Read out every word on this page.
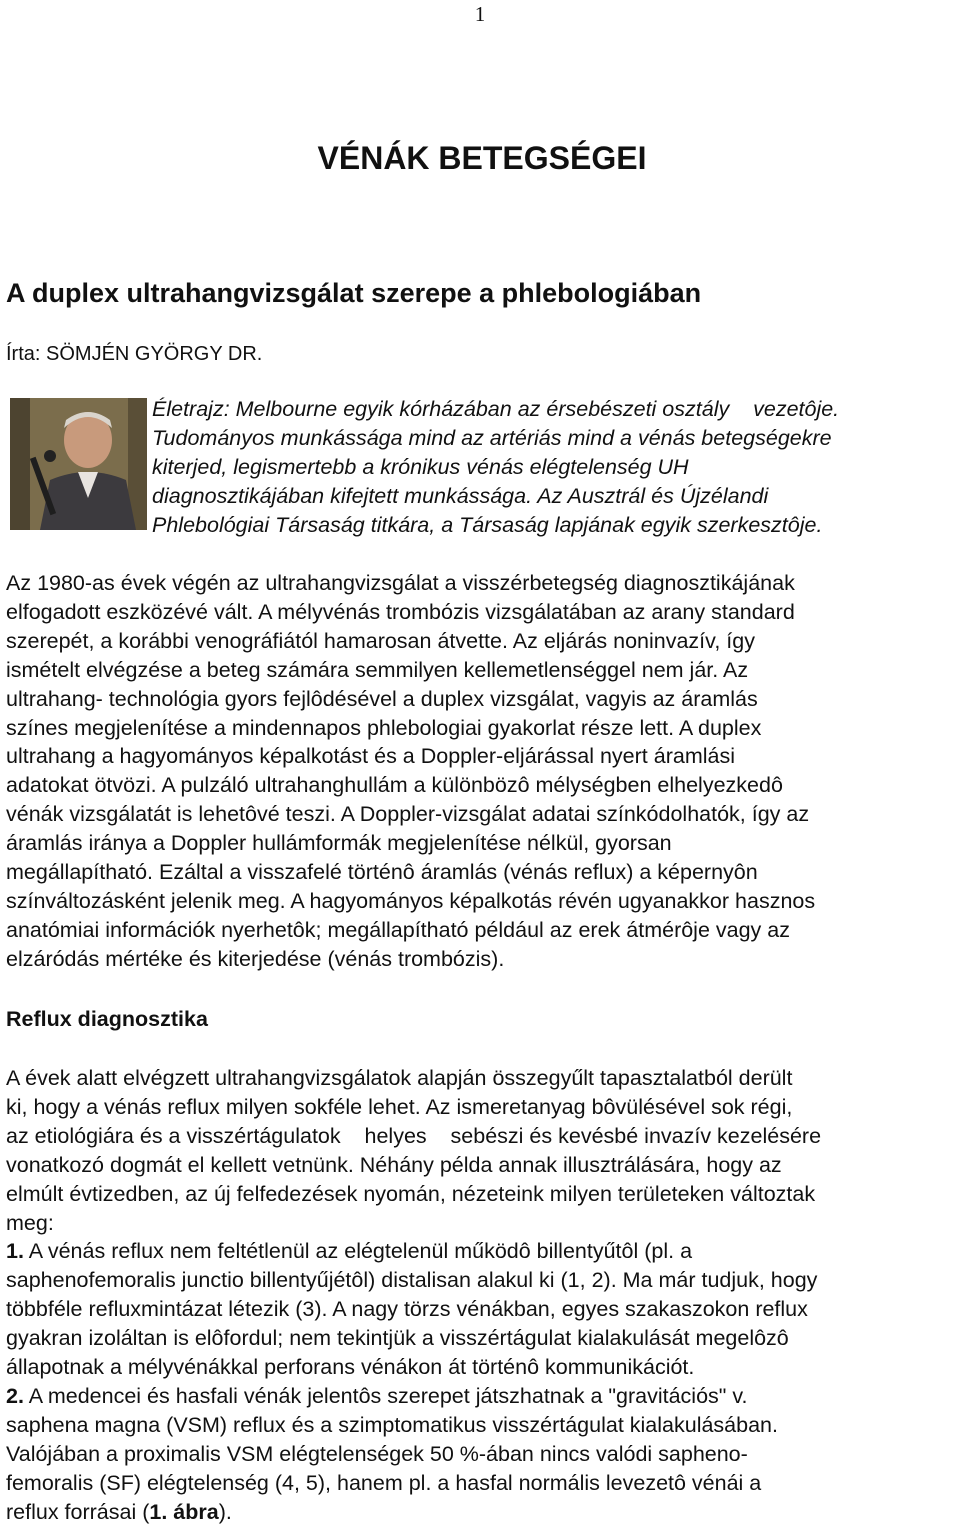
1
VÉNÁK BETEGSÉGEI
A duplex ultrahangvizsgálat szerepe a phlebologiában
Írta: SÖMJÉN GYÖRGY DR.
Életrajz: Melbourne egyik kórházában az érsebészeti osztály    vezetôje.
Tudományos munkássága mind az artériás mind a vénás betegségekre
kiterjed, legismertebb a krónikus vénás elégtelenség UH
diagnosztikájában kifejtett munkássága. Az Ausztrál és Újzélandi
Phlebológiai Társaság titkára, a Társaság lapjának egyik szerkesztôje.
Az 1980-as évek végén az ultrahangvizsgálat a visszérbetegség diagnosztikájának
elfogadott eszközévé vált. A mélyvénás trombózis vizsgálatában az arany standard
szerepét, a korábbi venográfiától hamarosan átvette. Az eljárás noninvazív, így
ismételt elvégzése a beteg számára semmilyen kellemetlenséggel nem jár. Az
ultrahang- technológia gyors fejlôdésével a duplex vizsgálat, vagyis az áramlás
színes megjelenítése a mindennapos phlebologiai gyakorlat része lett. A duplex
ultrahang a hagyományos képalkotást és a Doppler-eljárással nyert áramlási
adatokat ötvözi. A pulzáló ultrahanghullám a különbözô mélységben elhelyezkedô
vénák vizsgálatát is lehetôvé teszi. A Doppler-vizsgálat adatai színkódolhatók, így az
áramlás iránya a Doppler hullámformák megjelenítése nélkül, gyorsan
megállapítható. Ezáltal a visszafelé történô áramlás (vénás reflux) a képernyôn
színváltozásként jelenik meg. A hagyományos képalkotás révén ugyanakkor hasznos
anatómiai információk nyerhetôk; megállapítható például az erek átmérôje vagy az
elzáródás mértéke és kiterjedése (vénás trombózis).
Reflux diagnosztika
A évek alatt elvégzett ultrahangvizsgálatok alapján összegyűlt tapasztalatból derült
ki, hogy a vénás reflux milyen sokféle lehet. Az ismeretanyag bôvülésével sok régi,
az etiológiára és a visszértágulatok    helyes    sebészi és kevésbé invazív kezelésére
vonatkozó dogmát el kellett vetnünk. Néhány példa annak illusztrálására, hogy az
elmúlt évtizedben, az új felfedezések nyomán, nézeteink milyen területeken változtak
meg:
1. A vénás reflux nem feltétlenül az elégtelenül működô billentyűtôl (pl. a
saphenofemoralis junctio billentyűjétôl) distalisan alakul ki (1, 2). Ma már tudjuk, hogy
többféle refluxmintázat létezik (3). A nagy törzs vénákban, egyes szakaszokon reflux
gyakran izoláltan is elôfordul; nem tekintjük a visszértágulat kialakulását megelôzô
állapotnak a mélyvénákkal perforans vénákon át történô kommunikációt.
2. A medencei és hasfali vénák jelentôs szerepet játszhatnak a "gravitációs" v.
saphena magna (VSM) reflux és a szimptomatikus visszértágulat kialakulásában.
Valójában a proximalis VSM elégtelenségek 50 %-ában nincs valódi sapheno-
femoralis (SF) elégtelenség (4, 5), hanem pl. a hasfal normális levezetô vénái a
reflux forrásai (1. ábra).
